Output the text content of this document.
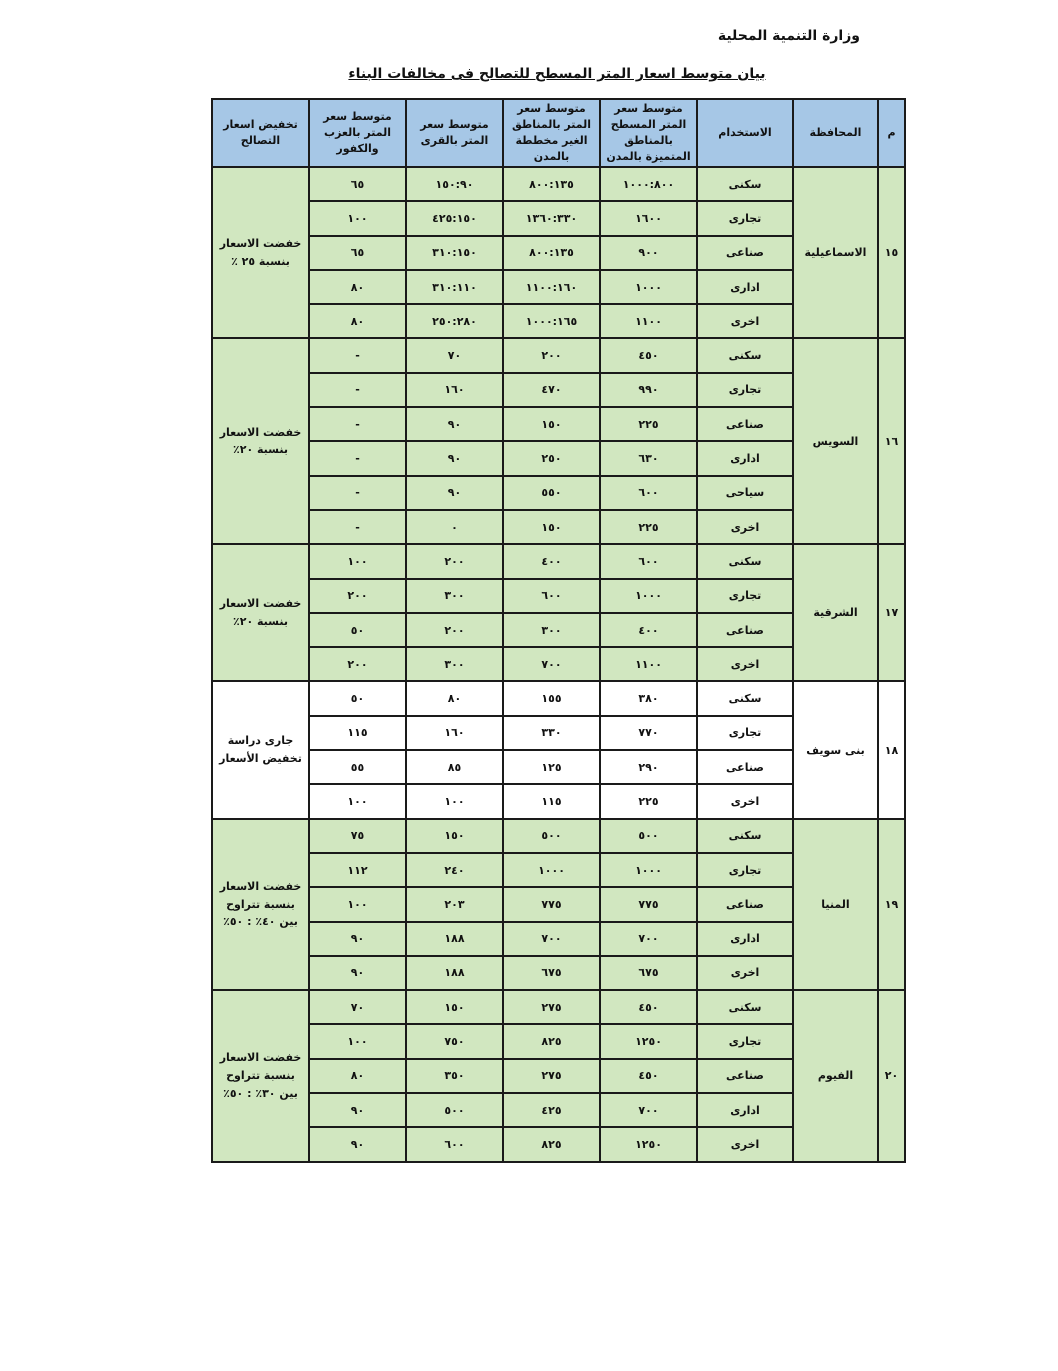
وزارة التنمية المحلية
بيان متوسط اسعار المتر المسطح للتصالح فى مخالفات البناء
م	المحافظة	الاستخدام	متوسط سعر المتر المسطح بالمناطق المتميزة بالمدن	متوسط سعر المتر بالمناطق الغير مخططة بالمدن	متوسط سعر المتر بالقرى	متوسط سعر المتر بالعزب والكفور	تخفيض اسعار التصالح
١٥	الاسماعيلية	سكنى	١٠٠٠:٨٠٠	٨٠٠:١٣٥	١٥٠:٩٠	٦٥	خفضت الاسعار بنسبة ٢٥ ٪
		تجارى	١٦٠٠	١٣٦٠:٣٣٠	٤٢٥:١٥٠	١٠٠	
		صناعى	٩٠٠	٨٠٠:١٣٥	٣١٠:١٥٠	٦٥	
		ادارى	١٠٠٠	١١٠٠:١٦٠	٣١٠:١١٠	٨٠	
		اخرى	١١٠٠	١٠٠٠:١٦٥	٢٥٠:٢٨٠	٨٠	
١٦	السويس	سكنى	٤٥٠	٢٠٠	٧٠	-	خفضت الاسعار بنسبة ٢٠٪
		تجارى	٩٩٠	٤٧٠	١٦٠	-	
		صناعى	٢٢٥	١٥٠	٩٠	-	
		ادارى	٦٣٠	٢٥٠	٩٠	-	
		سياحى	٦٠٠	٥٥٠	٩٠	-	
		اخرى	٢٢٥	١٥٠	٠	-	
١٧	الشرقية	سكنى	٦٠٠	٤٠٠	٢٠٠	١٠٠	خفضت الاسعار بنسبة ٢٠٪
		تجارى	١٠٠٠	٦٠٠	٣٠٠	٢٠٠	
		صناعى	٤٠٠	٣٠٠	٢٠٠	٥٠	
		اخرى	١١٠٠	٧٠٠	٣٠٠	٢٠٠	
١٨	بنى سويف	سكنى	٣٨٠	١٥٥	٨٠	٥٠	جارى دراسة تخفيض الأسعار
		تجارى	٧٧٠	٣٣٠	١٦٠	١١٥	
		صناعى	٢٩٠	١٢٥	٨٥	٥٥	
		اخرى	٢٢٥	١١٥	١٠٠	١٠٠	
١٩	المنيا	سكنى	٥٠٠	٥٠٠	١٥٠	٧٥	خفضت الاسعار بنسبة تتراوح بين ٤٠٪ : ٥٠٪
		تجارى	١٠٠٠	١٠٠٠	٢٤٠	١١٢	
		صناعى	٧٧٥	٧٧٥	٢٠٣	١٠٠	
		ادارى	٧٠٠	٧٠٠	١٨٨	٩٠	
		اخرى	٦٧٥	٦٧٥	١٨٨	٩٠	
٢٠	الفيوم	سكنى	٤٥٠	٢٧٥	١٥٠	٧٠	خفضت الاسعار بنسبة تتراوح بين ٣٠٪ : ٥٠٪
		تجارى	١٢٥٠	٨٢٥	٧٥٠	١٠٠	
		صناعى	٤٥٠	٢٧٥	٣٥٠	٨٠	
		ادارى	٧٠٠	٤٢٥	٥٠٠	٩٠	
		اخرى	١٢٥٠	٨٢٥	٦٠٠	٩٠	
